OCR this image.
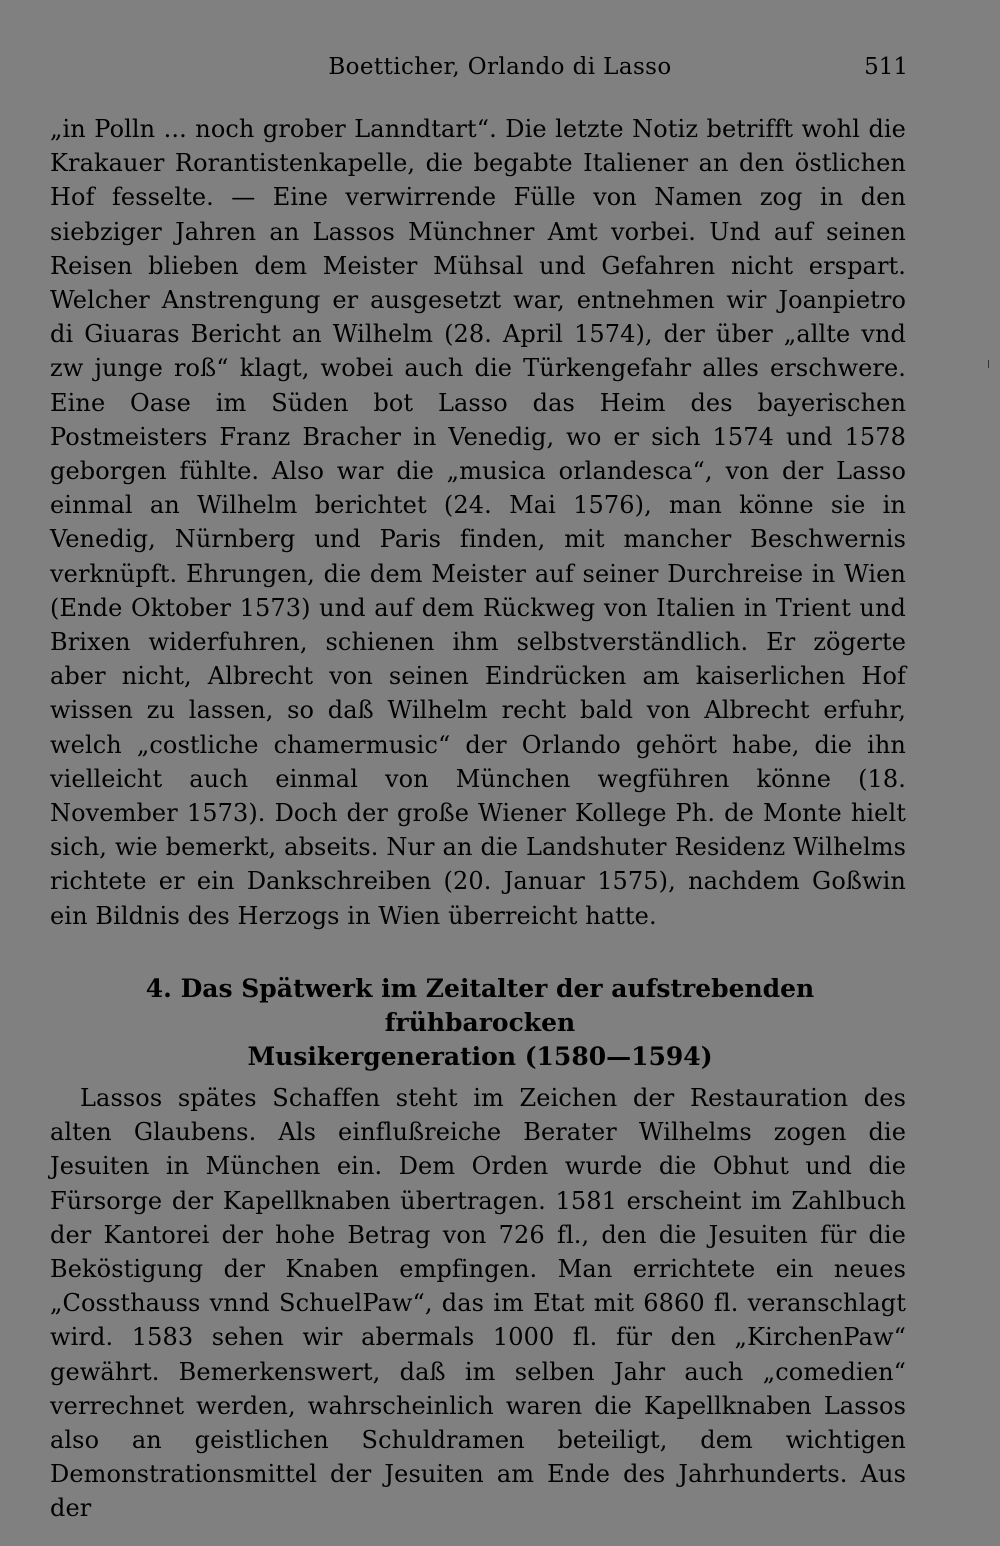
Boetticher, Orlando di Lasso	511
„in Polln ... noch grober Lanndtart“. Die letzte Notiz betrifft wohl die Krakauer Rorantistenkapelle, die begabte Italiener an den östlichen Hof fesselte. — Eine verwirrende Fülle von Namen zog in den siebziger Jahren an Lassos Münchner Amt vorbei. Und auf seinen Reisen blieben dem Meister Mühsal und Gefahren nicht erspart. Welcher Anstrengung er ausgesetzt war, entnehmen wir Joanpietro di Giuaras Bericht an Wilhelm (28. April 1574), der über „allte vnd zw junge roß“ klagt, wobei auch die Türkengefahr alles erschwere. Eine Oase im Süden bot Lasso das Heim des bayerischen Postmeisters Franz Bracher in Venedig, wo er sich 1574 und 1578 geborgen fühlte. Also war die „musica orlandesca“, von der Lasso einmal an Wilhelm berichtet (24. Mai 1576), man könne sie in Venedig, Nürnberg und Paris finden, mit mancher Beschwernis verknüpft. Ehrungen, die dem Meister auf seiner Durchreise in Wien (Ende Oktober 1573) und auf dem Rückweg von Italien in Trient und Brixen widerfuhren, schienen ihm selbstverständlich. Er zögerte aber nicht, Albrecht von seinen Eindrücken am kaiserlichen Hof wissen zu lassen, so daß Wilhelm recht bald von Albrecht erfuhr, welch „costliche chamermusic“ der Orlando gehört habe, die ihn vielleicht auch einmal von München wegführen könne (18. November 1573). Doch der große Wiener Kollege Ph. de Monte hielt sich, wie bemerkt, abseits. Nur an die Landshuter Residenz Wilhelms richtete er ein Dankschreiben (20. Januar 1575), nachdem Goßwin ein Bildnis des Herzogs in Wien überreicht hatte.
4. Das Spätwerk im Zeitalter der aufstrebenden frühbarocken
Musikergeneration (1580—1594)
Lassos spätes Schaffen steht im Zeichen der Restauration des alten Glaubens. Als einflußreiche Berater Wilhelms zogen die Jesuiten in München ein. Dem Orden wurde die Obhut und die Fürsorge der Kapellknaben übertragen. 1581 erscheint im Zahlbuch der Kantorei der hohe Betrag von 726 fl., den die Jesuiten für die Beköstigung der Knaben empfingen. Man errichtete ein neues „Cossthauss vnnd SchuelPaw“, das im Etat mit 6860 fl. veranschlagt wird. 1583 sehen wir abermals 1000 fl. für den „KirchenPaw“ gewährt. Bemerkenswert, daß im selben Jahr auch „comedien“ verrechnet werden, wahrscheinlich waren die Kapellknaben Lassos also an geistlichen Schuldramen beteiligt, dem wichtigen Demonstrationsmittel der Jesuiten am Ende des Jahrhunderts. Aus der
